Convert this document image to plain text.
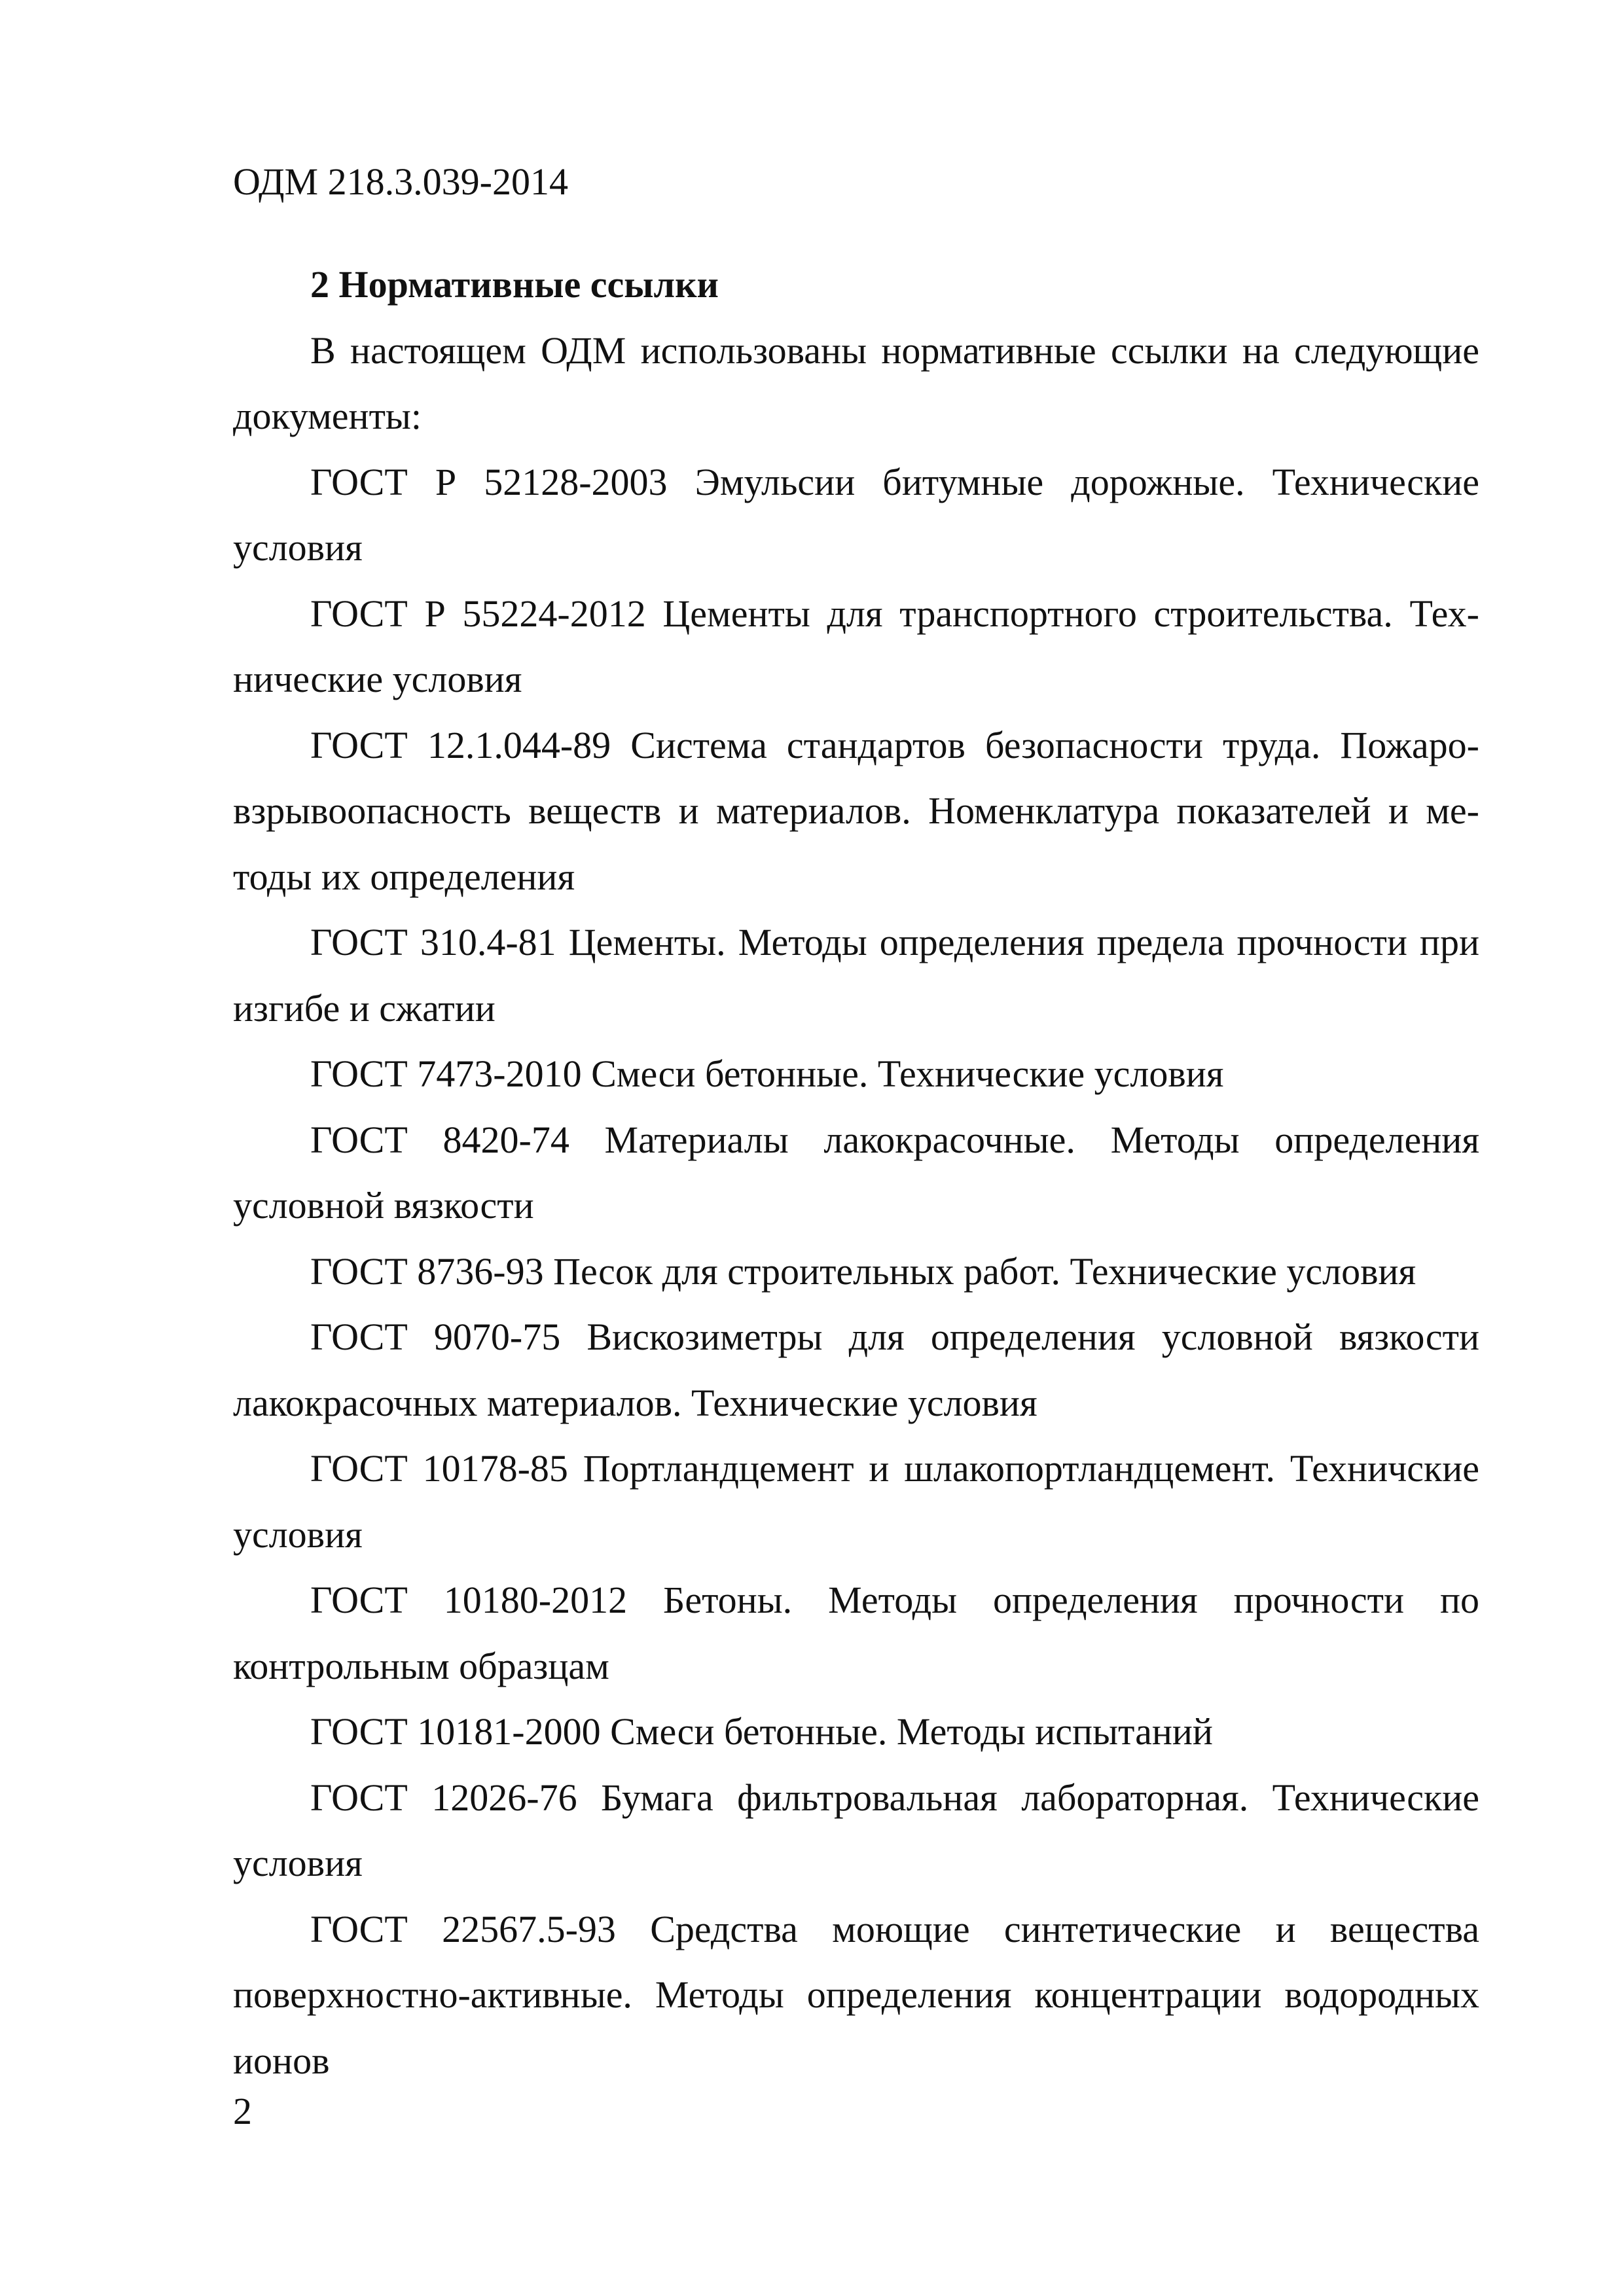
ОДМ 218.3.039-2014

2 Нормативные ссылки

В настоящем ОДМ использованы нормативные ссылки на следующие документы:

ГОСТ Р 52128-2003 Эмульсии битумные дорожные. Технические условия

ГОСТ Р 55224-2012 Цементы для транспортного строительства. Технические условия

ГОСТ 12.1.044-89 Система стандартов безопасности труда. Пожаровзрывоопасность веществ и материалов. Номенклатура показателей и методы их определения

ГОСТ 310.4-81 Цементы. Методы определения предела прочности при изгибе и сжатии

ГОСТ 7473-2010 Смеси бетонные. Технические условия

ГОСТ 8420-74 Материалы лакокрасочные. Методы определения условной вязкости

ГОСТ 8736-93 Песок для строительных работ. Технические условия

ГОСТ 9070-75 Вискозиметры для определения условной вязкости лакокрасочных материалов. Технические условия

ГОСТ 10178-85 Портландцемент и шлакопортландцемент. Техничские условия

ГОСТ 10180-2012 Бетоны. Методы определения прочности по контрольным образцам

ГОСТ 10181-2000 Смеси бетонные. Методы испытаний

ГОСТ 12026-76 Бумага фильтровальная лабораторная. Технические условия

ГОСТ 22567.5-93 Средства моющие синтетические и вещества поверхностно-активные. Методы определения концентрации водородных ионов

2
